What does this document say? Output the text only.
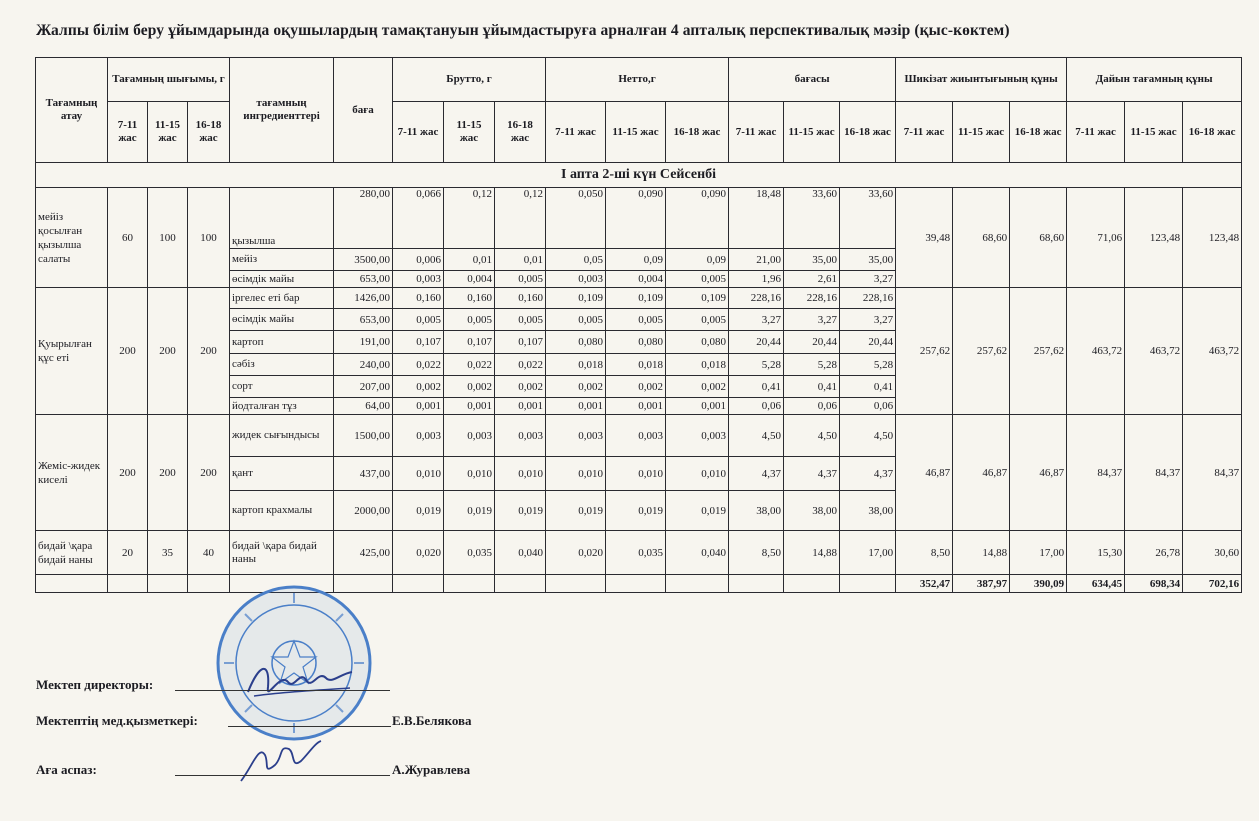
Жалпы білім беру ұйымдарында оқушылардың тамақтануын ұйымдастыруға арналған 4 апталық перспективалық мәзір (қыс-көктем)
Тағамның атау	Тағамның шығымы, г			тағамның ингредиенттері	баға	Брутто, г			Нетто,г			бағасы			Шикізат жиынтығының құны			Дайын тағамның құны		
	7-11 жас	11-15 жас	16-18 жас			7-11 жас	11-15 жас	16-18 жас	7-11 жас	11-15 жас	16-18 жас	7-11 жас	11-15 жас	16-18 жас	7-11 жас	11-15 жас	16-18 жас	7-11 жас	11-15 жас	16-18 жас
I апта 2-ші күн Сейсенбі																				
мейіз қосылған қызылша салаты	60	100	100	қызылша	280,00	0,066	0,12	0,12	0,050	0,090	0,090	18,48	33,60	33,60	39,48	68,60	68,60	71,06	123,48	123,48
				мейіз	3500,00	0,006	0,01	0,01	0,05	0,09	0,09	21,00	35,00	35,00						
				өсімдік майы	653,00	0,003	0,004	0,005	0,003	0,004	0,005	1,96	2,61	3,27						
Қуырылған құс еті	200	200	200	іргелес еті бар	1426,00	0,160	0,160	0,160	0,109	0,109	0,109	228,16	228,16	228,16	257,62	257,62	257,62	463,72	463,72	463,72
				өсімдік майы	653,00	0,005	0,005	0,005	0,005	0,005	0,005	3,27	3,27	3,27						
				картоп	191,00	0,107	0,107	0,107	0,080	0,080	0,080	20,44	20,44	20,44						
				сәбіз	240,00	0,022	0,022	0,022	0,018	0,018	0,018	5,28	5,28	5,28						
				сорт	207,00	0,002	0,002	0,002	0,002	0,002	0,002	0,41	0,41	0,41						
				йодталған тұз	64,00	0,001	0,001	0,001	0,001	0,001	0,001	0,06	0,06	0,06						
Жеміс-жидек киселі	200	200	200	жидек сығындысы	1500,00	0,003	0,003	0,003	0,003	0,003	0,003	4,50	4,50	4,50	46,87	46,87	46,87	84,37	84,37	84,37
				қант	437,00	0,010	0,010	0,010	0,010	0,010	0,010	4,37	4,37	4,37						
				картоп крахмалы	2000,00	0,019	0,019	0,019	0,019	0,019	0,019	38,00	38,00	38,00						
бидай \қара бидай наны	20	35	40	бидай \қара бидай наны	425,00	0,020	0,035	0,040	0,020	0,035	0,040	8,50	14,88	17,00	8,50	14,88	17,00	15,30	26,78	30,60
															352,47	387,97	390,09	634,45	698,34	702,16
Мектеп директоры:
Мектептің мед.қызметкері:	Е.В.Белякова
Аға аспаз:	А.Журавлева
